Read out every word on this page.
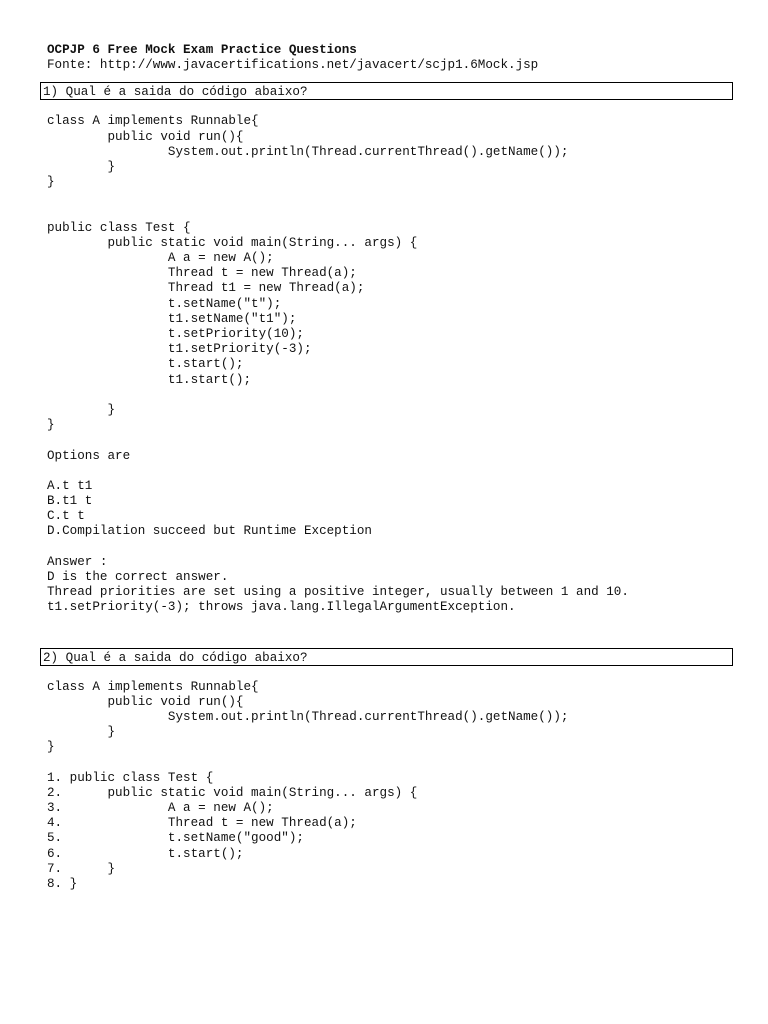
OCPJP 6 Free Mock Exam Practice Questions
Fonte: http://www.javacertifications.net/javacert/scjp1.6Mock.jsp
1) Qual é a saida do código abaixo?
class A implements Runnable{
public void run(){
System.out.println(Thread.currentThread().getName());
}
}
public class Test {
public static void main(String... args) {
A a = new A();
Thread t = new Thread(a);
Thread t1 = new Thread(a);
t.setName("t");
t1.setName("t1");
t.setPriority(10);
t1.setPriority(-3);
t.start();
t1.start();
}
}
Options are
A.t t1
B.t1 t
C.t t
D.Compilation succeed but Runtime Exception
Answer :
D is the correct answer.
Thread priorities are set using a positive integer, usually between 1 and 10.
t1.setPriority(-3); throws java.lang.IllegalArgumentException.
2) Qual é a saida do código abaixo?
class A implements Runnable{
public void run(){
System.out.println(Thread.currentThread().getName());
}
}
1. public class Test {
2.      public static void main(String... args) {
3.              A a = new A();
4.              Thread t = new Thread(a);
5.              t.setName("good");
6.              t.start();
7.      }
8. }
